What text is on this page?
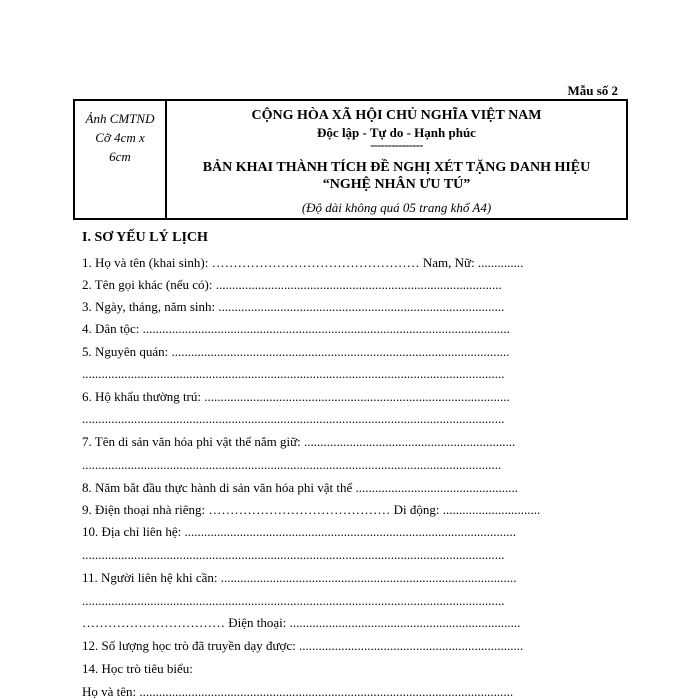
Mẫu số 2
Ảnh CMTND
Cỡ 4cm x
6cm
CỘNG HÒA XÃ HỘI CHỦ NGHĨA VIỆT NAM
Độc lập - Tự do - Hạnh phúc
---------------
BẢN KHAI THÀNH TÍCH ĐỀ NGHỊ XÉT TẶNG DANH HIỆU
“NGHỆ NHÂN ƯU TÚ”
(Độ dài không quá 05 trang khổ A4)
I. SƠ YẾU LÝ LỊCH
1. Họ và tên (khai sinh): ………………………………………… Nam, Nữ: ..............
2. Tên gọi khác (nếu có): ........................................................................................
3. Ngày, tháng, năm sinh: ........................................................................................
4. Dân tộc: .................................................................................................................
5. Nguyên quán: ........................................................................................................
..................................................................................................................................
6. Hộ khẩu thường trú: ..............................................................................................
..................................................................................................................................
7. Tên di sản văn hóa phi vật thể nắm giữ: .................................................................
.................................................................................................................................
8. Năm bắt đầu thực hành di sản văn hóa phi vật thể ..................................................
9. Điện thoại nhà riêng: …………………………………… Di động: ..............................
10. Địa chỉ liên hệ: ......................................................................................................
..................................................................................................................................
11. Người liên hệ khi cần: ...........................................................................................
..................................................................................................................................
…………………………… Điện thoại: .......................................................................
12. Số lượng học trò đã truyền dạy được: .....................................................................
14. Học trò tiêu biểu:
Họ và tên: ...................................................................................................................
